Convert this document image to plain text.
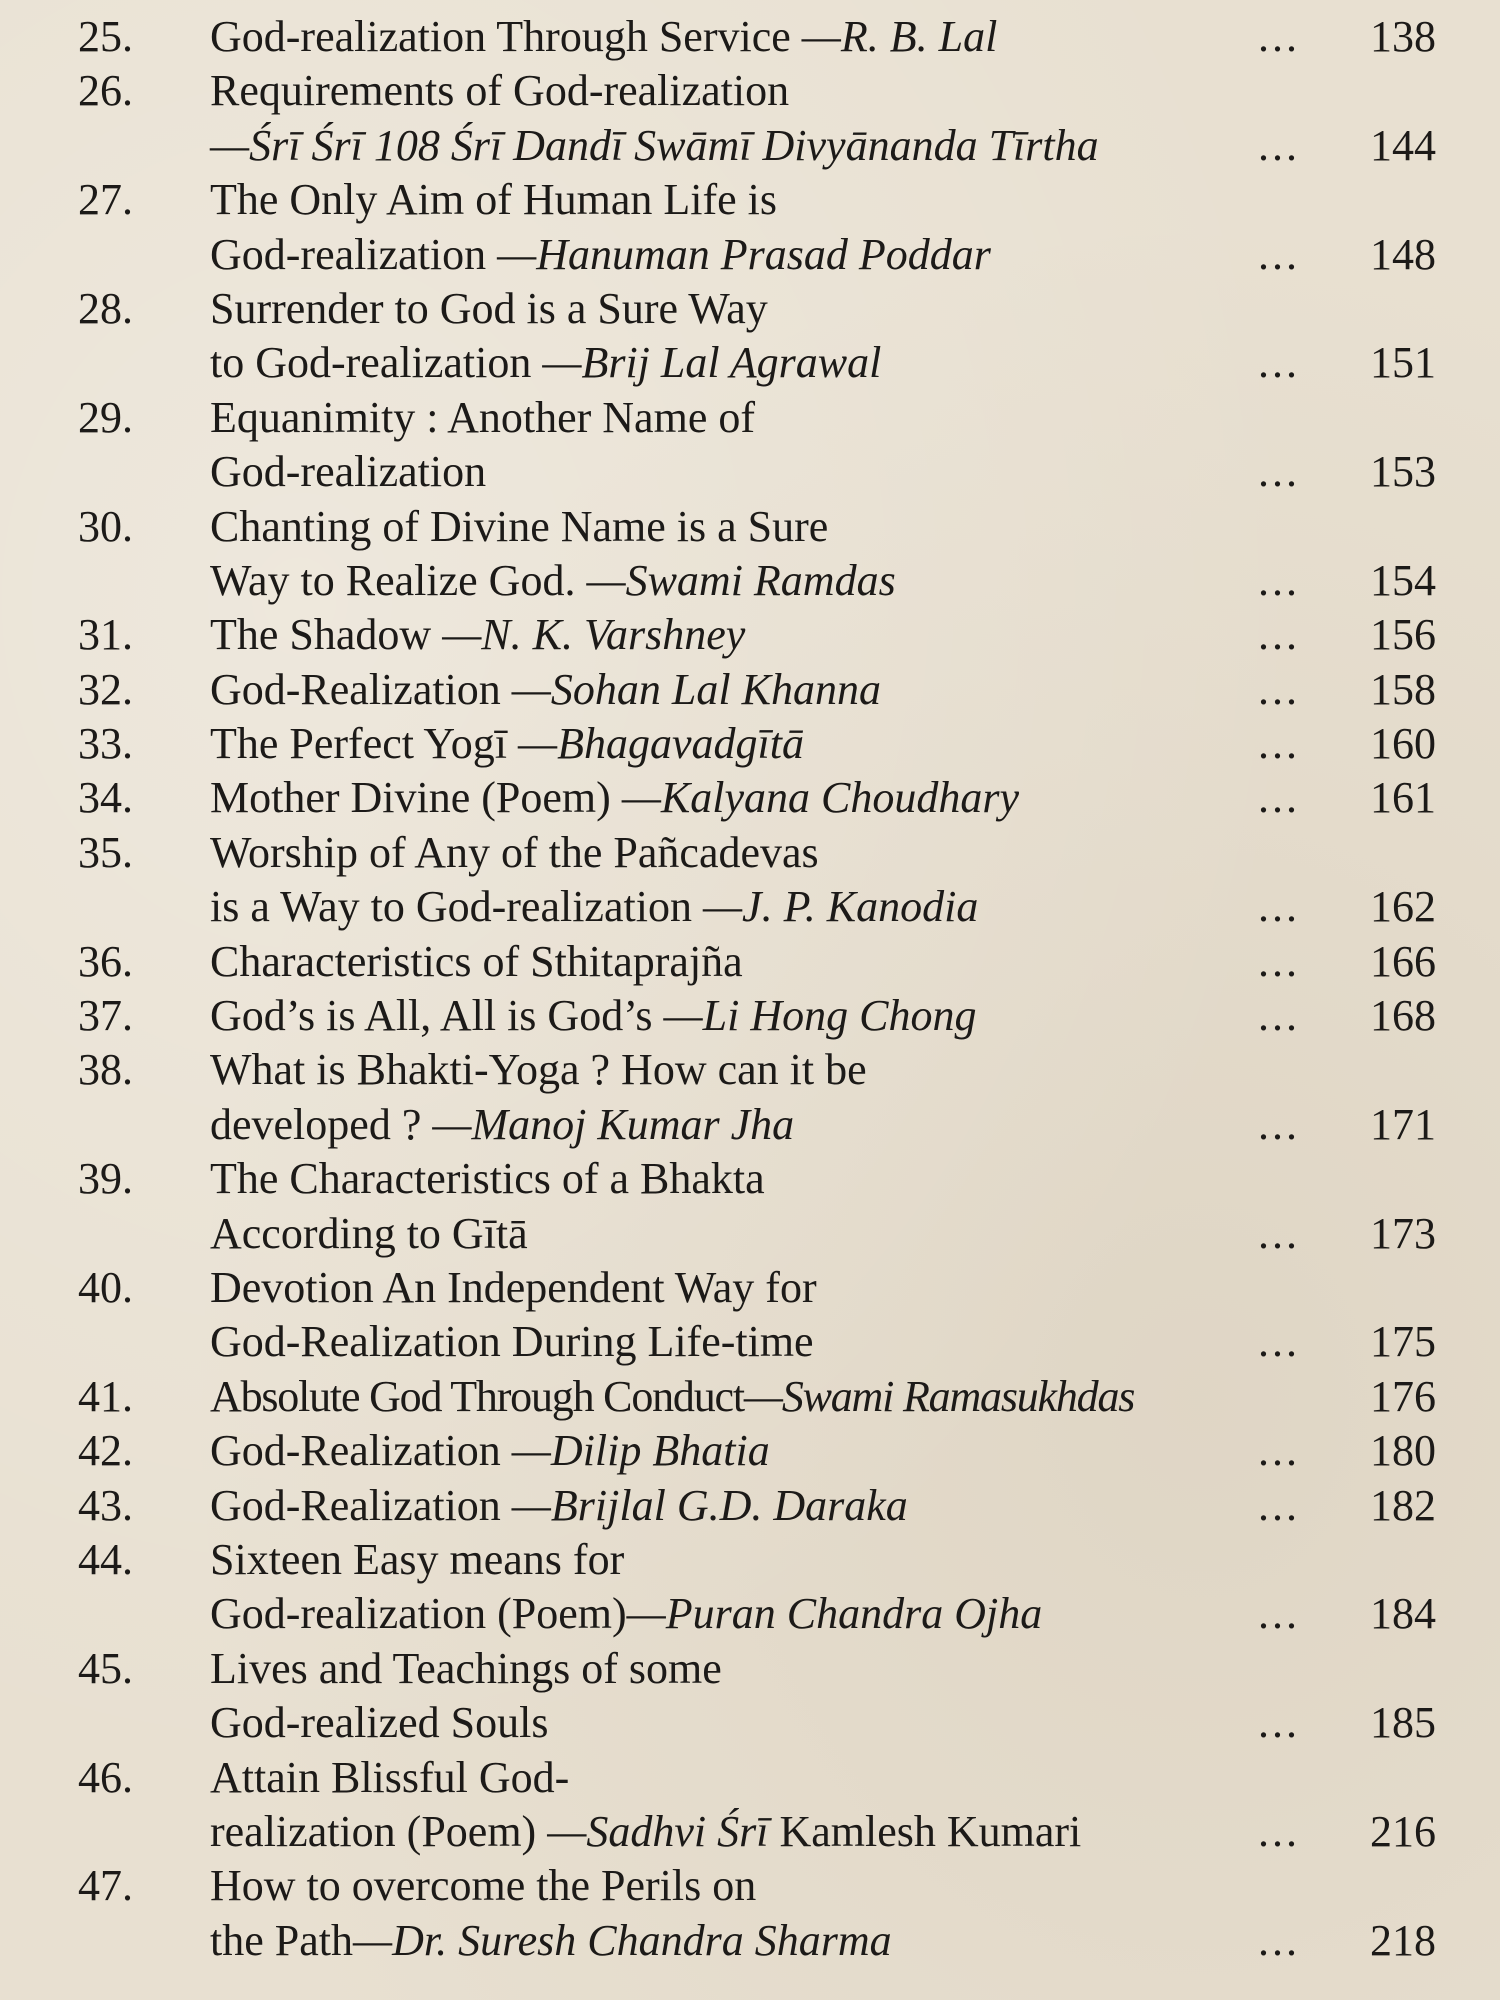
25. God-realization Through Service —R. B. Lal	...	138
26. Requirements of God-realization
—Śrī Śrī 108 Śrī Dandī Swāmī Divyānanda Tīrtha	...	144
27. The Only Aim of Human Life is
God-realization —Hanuman Prasad Poddar	...	148
28. Surrender to God is a Sure Way
to God-realization —Brij Lal Agrawal	...	151
29. Equanimity : Another Name of
God-realization	...	153
30. Chanting of Divine Name is a Sure
Way to Realize God. —Swami Ramdas	...	154
31. The Shadow —N. K. Varshney	...	156
32. God-Realization —Sohan Lal Khanna	...	158
33. The Perfect Yogī —Bhagavadgītā	...	160
34. Mother Divine (Poem) —Kalyana Choudhary	...	161
35. Worship of Any of the Pañcadevas
is a Way to God-realization —J. P. Kanodia	...	162
36. Characteristics of Sthitaprajña	...	166
37. God’s is All, All is God’s —Li Hong Chong	...	168
38. What is Bhakti-Yoga ? How can it be
developed ? —Manoj Kumar Jha	...	171
39. The Characteristics of a Bhakta
According to Gītā	...	173
40. Devotion An Independent Way for
God-Realization During Life-time	...	175
41. Absolute God Through Conduct—Swami Ramasukhdas	176
42. God-Realization —Dilip Bhatia	...	180
43. God-Realization —Brijlal G.D. Daraka	...	182
44. Sixteen Easy means for
God-realization (Poem)—Puran Chandra Ojha	...	184
45. Lives and Teachings of some
God-realized Souls	...	185
46. Attain Blissful God-
realization (Poem) —Sadhvi Śrī Kamlesh Kumari	...	216
47. How to overcome the Perils on
the Path—Dr. Suresh Chandra Sharma	...	218
